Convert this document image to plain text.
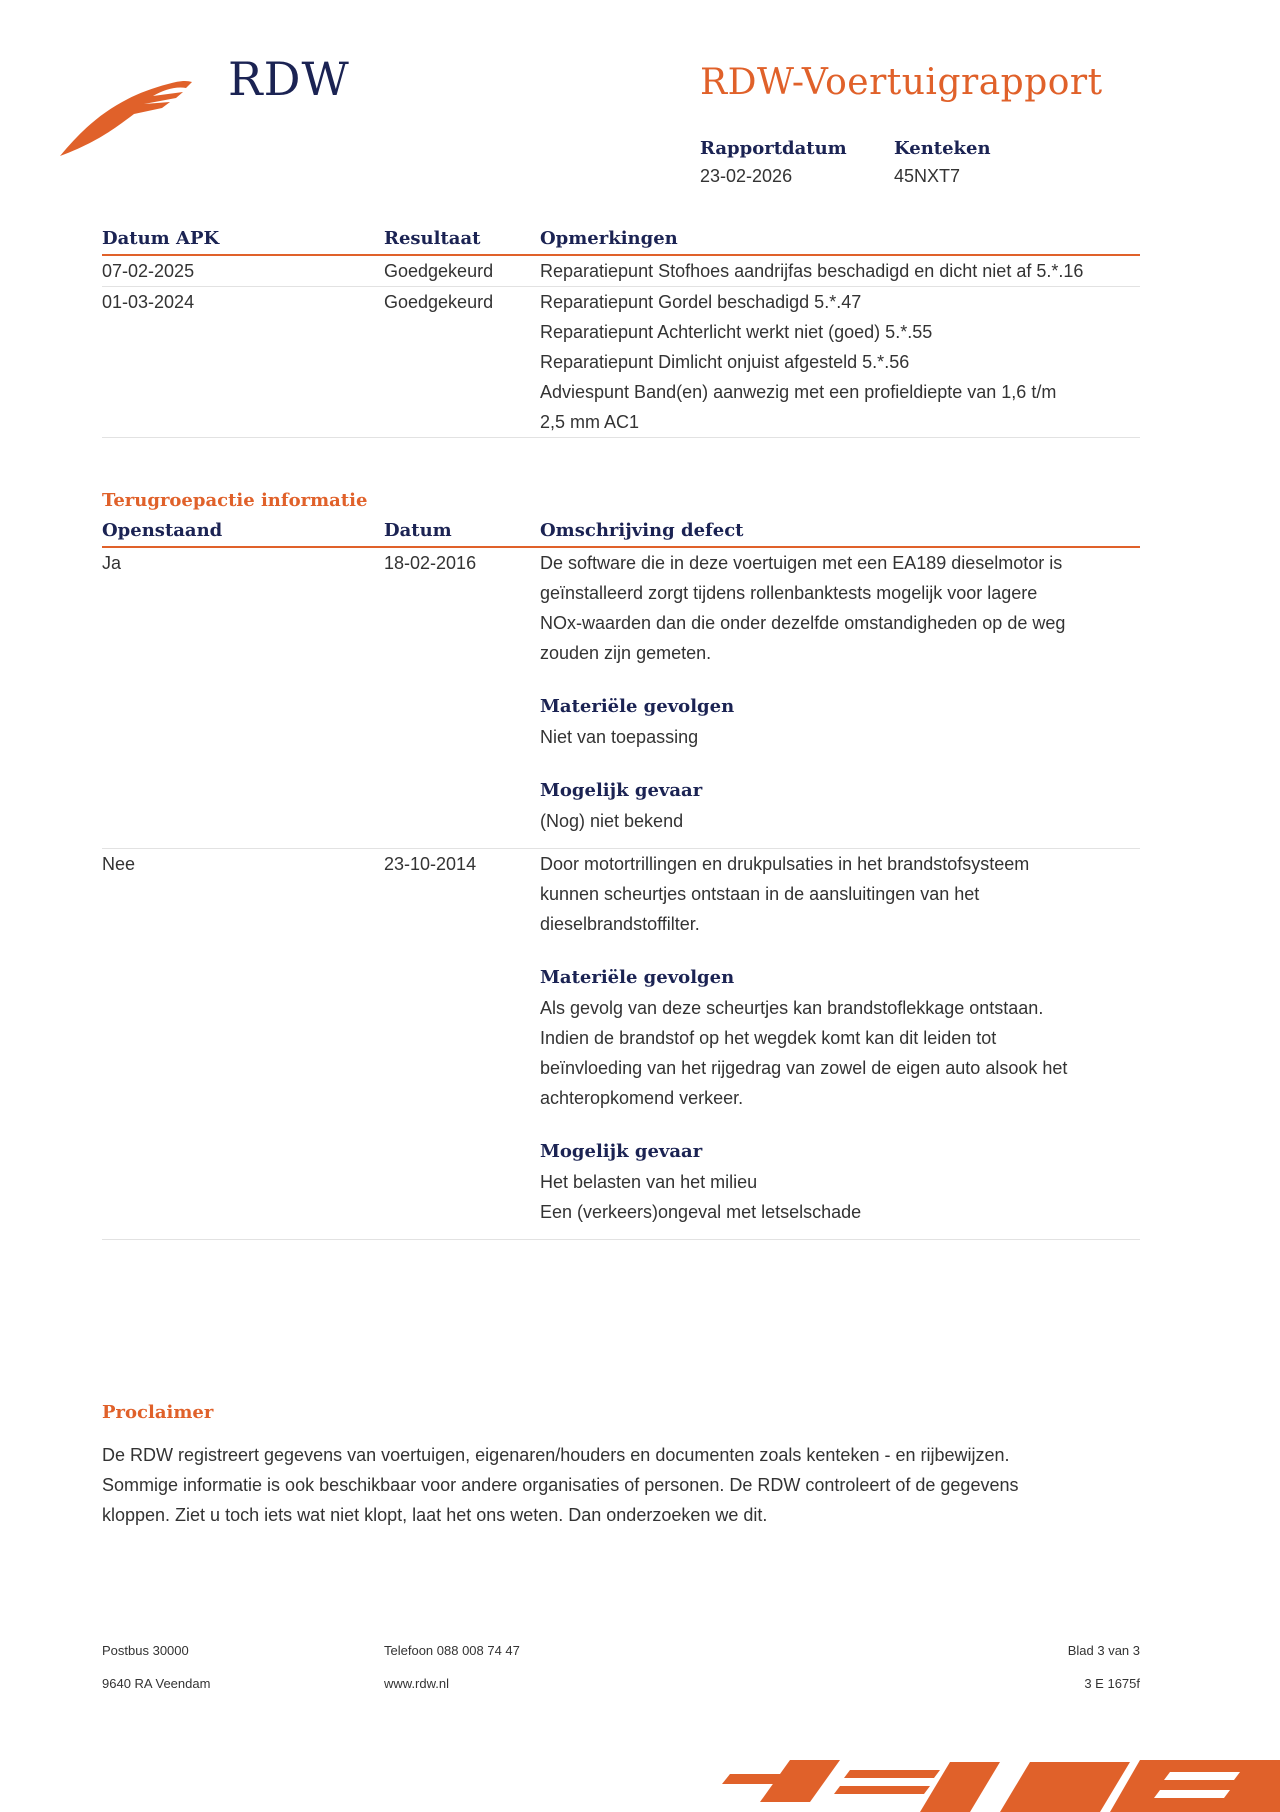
RDW	RDW-Voertuigrapport
Rapportdatum
23-02-2026
Kenteken
45NXT7
Datum APK	Resultaat	Opmerkingen
07-02-2025	Goedgekeurd	Reparatiepunt Stofhoes aandrijfas beschadigd en dicht niet af 5.*.16
01-03-2024	Goedgekeurd	Reparatiepunt Gordel beschadigd 5.*.47
Reparatiepunt Achterlicht werkt niet (goed) 5.*.55
Reparatiepunt Dimlicht onjuist afgesteld 5.*.56
Adviespunt Band(en) aanwezig met een profieldiepte van 1,6 t/m
2,5 mm AC1
Terugroepactie informatie
Openstaand	Datum	Omschrijving defect
Ja	18-02-2016	De software die in deze voertuigen met een EA189 dieselmotor is
geïnstalleerd zorgt tijdens rollenbanktests mogelijk voor lagere
NOx-waarden dan die onder dezelfde omstandigheden op de weg
zouden zijn gemeten.
Materiële gevolgen
Niet van toepassing
Mogelijk gevaar
(Nog) niet bekend
Nee	23-10-2014	Door motortrillingen en drukpulsaties in het brandstofsysteem
kunnen scheurtjes ontstaan in de aansluitingen van het
dieselbrandstoffilter.
Materiële gevolgen
Als gevolg van deze scheurtjes kan brandstoflekkage ontstaan.
Indien de brandstof op het wegdek komt kan dit leiden tot
beïnvloeding van het rijgedrag van zowel de eigen auto alsook het
achteropkomend verkeer.
Mogelijk gevaar
Het belasten van het milieu
Een (verkeers)ongeval met letselschade
Proclaimer
De RDW registreert gegevens van voertuigen, eigenaren/houders en documenten zoals kenteken - en rijbewijzen.
Sommige informatie is ook beschikbaar voor andere organisaties of personen. De RDW controleert of de gegevens
kloppen. Ziet u toch iets wat niet klopt, laat het ons weten. Dan onderzoeken we dit.
Postbus 30000
9640 RA Veendam
Telefoon 088 008 74 47
www.rdw.nl
Blad 3 van 3
3 E 1675f
